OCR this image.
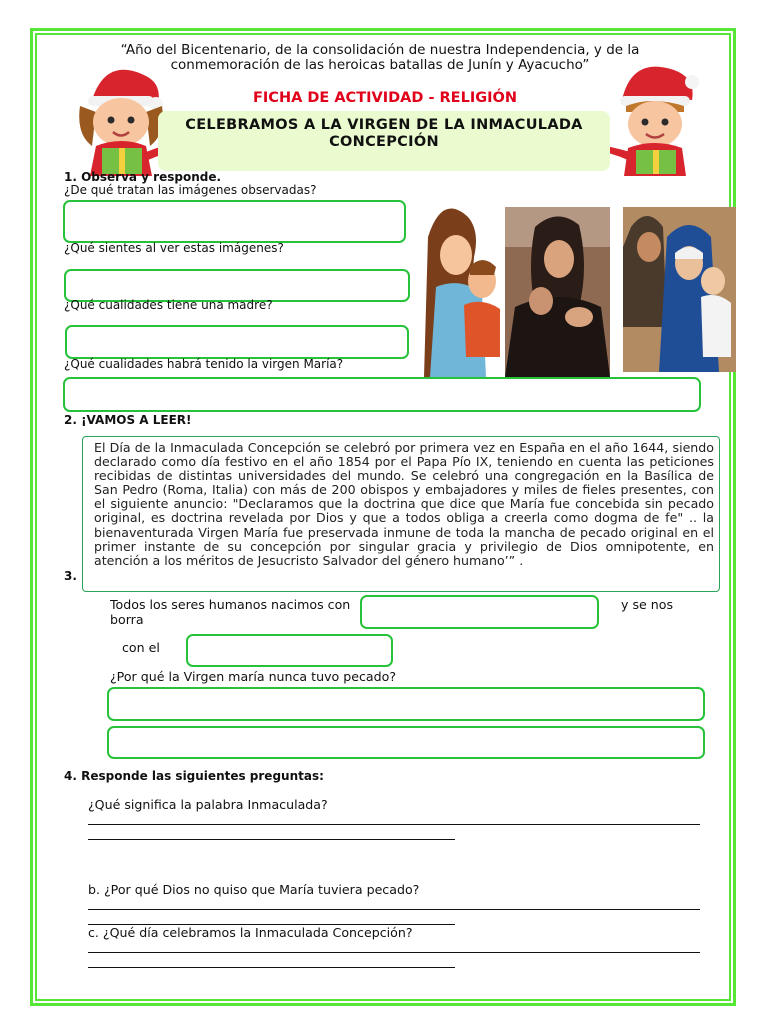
“Año del Bicentenario, de la consolidación de nuestra Independencia, y de la
conmemoración de las heroicas batallas de Junín y Ayacucho”
FICHA DE ACTIVIDAD - RELIGIÓN
CELEBRAMOS A LA VIRGEN DE LA INMACULADA
CONCEPCIÓN
1. Observa y responde.
¿De qué tratan las imágenes observadas?
¿Qué sientes al ver estas imágenes?
¿Qué cualidades tiene una madre?
¿Qué cualidades habrá tenido la virgen María?
2. ¡VAMOS A LEER!
El Día de la Inmaculada Concepción se celebró por primera vez en España en el año 1644, siendo declarado como día festivo en el año 1854 por el Papa Pío IX, teniendo en cuenta las peticiones recibidas de distintas universidades del mundo. Se celebró una congregación en la Basílica de San Pedro (Roma, Italia) con más de 200 obispos y embajadores y miles de fieles presentes, con el siguiente anuncio: "Declaramos que la doctrina que dice que María fue concebida sin pecado original, es doctrina revelada por Dios y que a todos obliga a creerla como dogma de fe" .. la bienaventurada Virgen María fue preservada inmune de toda la mancha de pecado original en el primer instante de su concepción por singular gracia y privilegio de Dios omnipotente, en atención a los méritos de Jesucristo Salvador del género humano’” .
3.
Todos los seres humanos nacimos con	y se nos
borra
con el
¿Por qué la Virgen maría nunca tuvo pecado?
4. Responde las siguientes preguntas:
¿Qué significa la palabra Inmaculada?
b. ¿Por qué Dios no quiso que María tuviera pecado?
c. ¿Qué día celebramos la Inmaculada Concepción?
